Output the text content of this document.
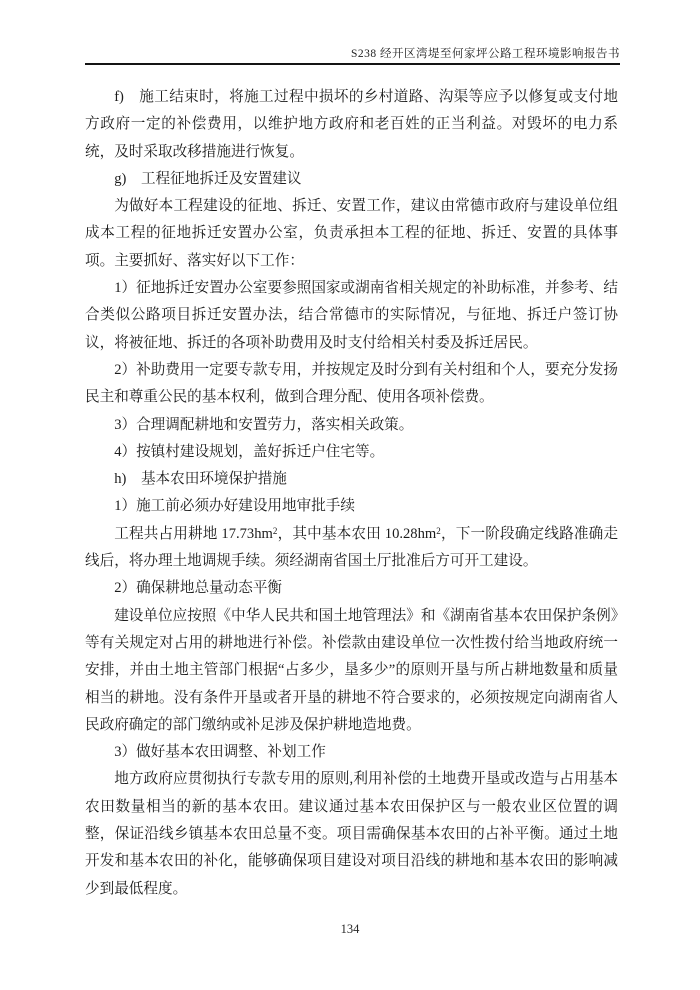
S238 经开区湾堤至何家坪公路工程环境影响报告书

f)　施工结束时，将施工过程中损坏的乡村道路、沟渠等应予以修复或支付地方政府一定的补偿费用，以维护地方政府和老百姓的正当利益。对毁坏的电力系统，及时采取改移措施进行恢复。

g)　工程征地拆迁及安置建议

为做好本工程建设的征地、拆迁、安置工作，建议由常德市政府与建设单位组成本工程的征地拆迁安置办公室，负责承担本工程的征地、拆迁、安置的具体事项。主要抓好、落实好以下工作：

1）征地拆迁安置办公室要参照国家或湖南省相关规定的补助标准，并参考、结合类似公路项目拆迁安置办法，结合常德市的实际情况，与征地、拆迁户签订协议，将被征地、拆迁的各项补助费用及时支付给相关村委及拆迁居民。

2）补助费用一定要专款专用，并按规定及时分到有关村组和个人，要充分发扬民主和尊重公民的基本权利，做到合理分配、使用各项补偿费。

3）合理调配耕地和安置劳力，落实相关政策。

4）按镇村建设规划，盖好拆迁户住宅等。

h)　基本农田环境保护措施

1）施工前必须办好建设用地审批手续

工程共占用耕地 $17.73hm^2$，其中基本农田 $10.28hm^2$，下一阶段确定线路准确走线后，将办理土地调规手续。须经湖南省国土厅批准后方可开工建设。

2）确保耕地总量动态平衡

建设单位应按照《中华人民共和国土地管理法》和《湖南省基本农田保护条例》等有关规定对占用的耕地进行补偿。补偿款由建设单位一次性拨付给当地政府统一安排，并由土地主管部门根据“占多少，垦多少”的原则开垦与所占耕地数量和质量相当的耕地。没有条件开垦或者开垦的耕地不符合要求的，必须按规定向湖南省人民政府确定的部门缴纳或补足涉及保护耕地造地费。

3）做好基本农田调整、补划工作

地方政府应贯彻执行专款专用的原则,利用补偿的土地费开垦或改造与占用基本农田数量相当的新的基本农田。建议通过基本农田保护区与一般农业区位置的调整，保证沿线乡镇基本农田总量不变。项目需确保基本农田的占补平衡。通过土地开发和基本农田的补化，能够确保项目建设对项目沿线的耕地和基本农田的影响减少到最低程度。

134
